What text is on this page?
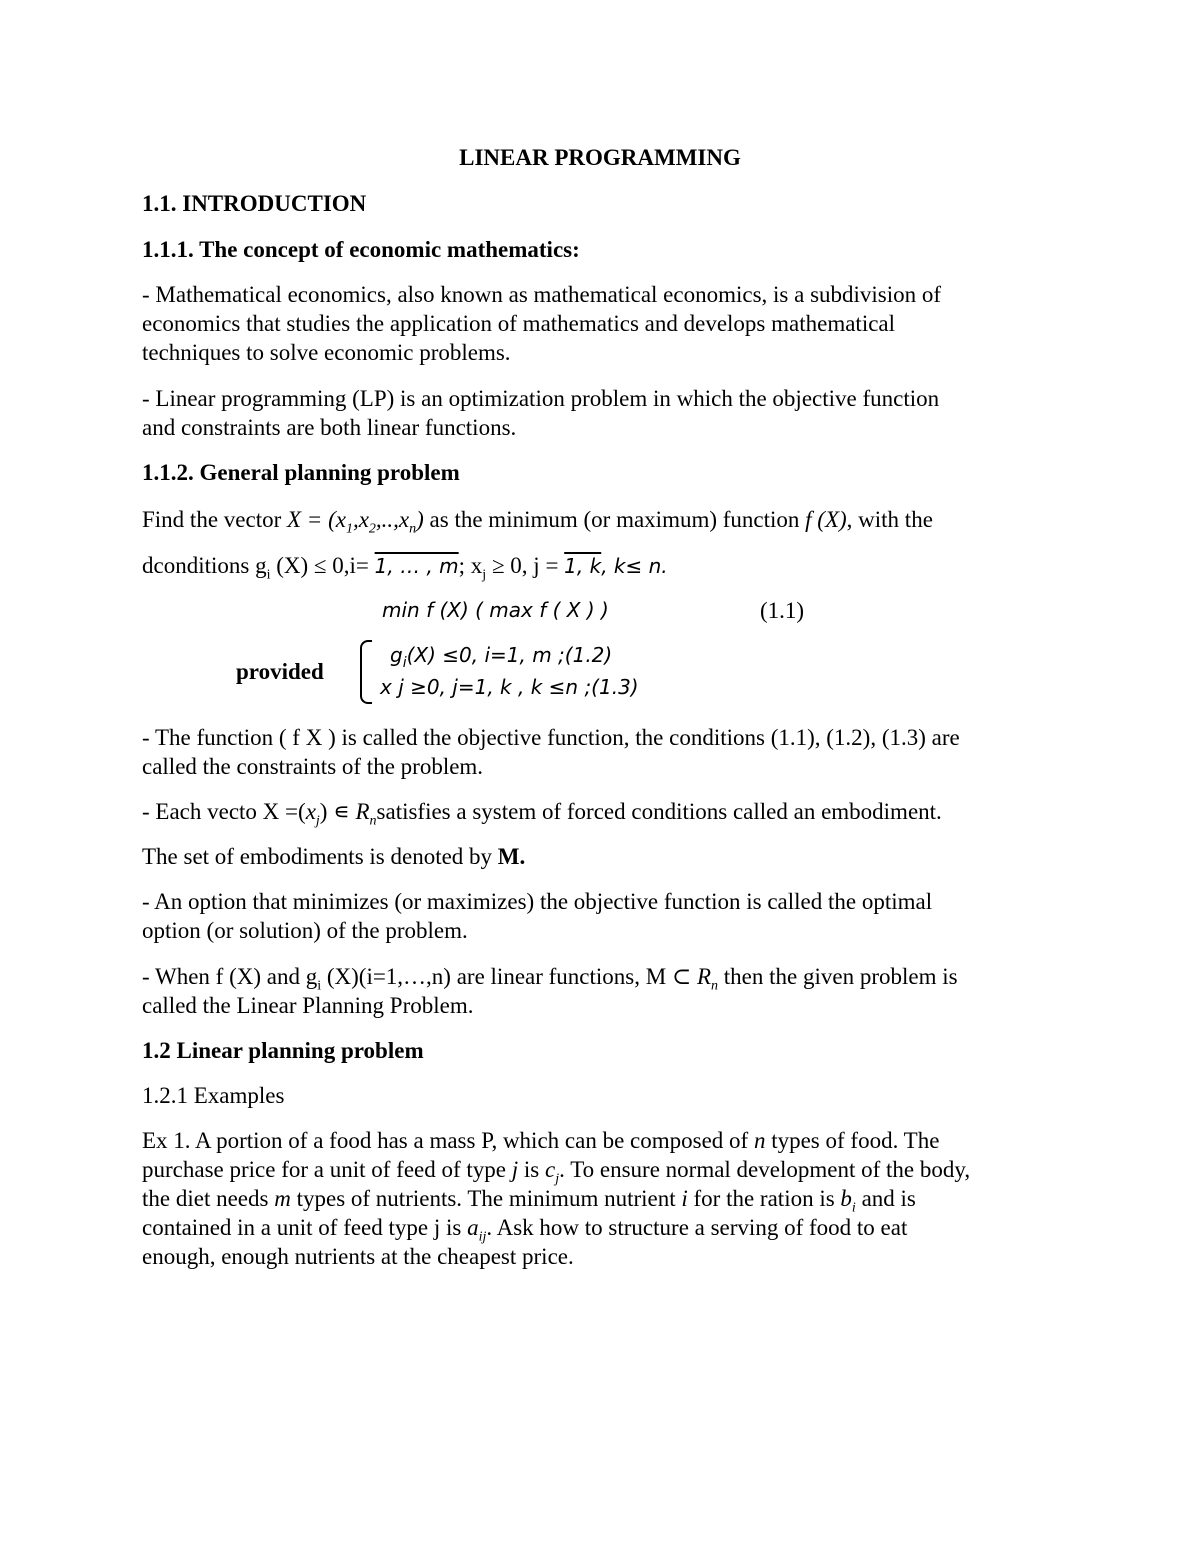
LINEAR PROGRAMMING
1.1. INTRODUCTION
1.1.1. The concept of economic mathematics:
- Mathematical economics, also known as mathematical economics, is a subdivision of
economics that studies the application of mathematics and develops mathematical
techniques to solve economic problems.
- Linear programming (LP) is an optimization problem in which the objective function
and constraints are both linear functions.
1.1.2. General planning problem
Find the vector $X = (x_1,x_2,..,x_n)$ as the minimum (or maximum) function f (X), with the
dconditions $g_i$ (X) ≤ 0,i= 1, … , m; $x_j \ge 0$, j = 1, k, k≤ n.
min f (X) ( max f ( X ) )	(1.1)
provided
$g_i(X) \le 0$, i=1, m ;(1.2)
x j ≥0, j=1, k , k ≤n ;(1.3)
- The function ( f X ) is called the objective function, the conditions (1.1), (1.2), (1.3) are
called the constraints of the problem.
- Each vecto $X =(x_j)$ ∊ $R_nsatisfies$ a system of forced conditions called an embodiment.
The set of embodiments is denoted by M.
- An option that minimizes (or maximizes) the objective function is called the optimal
option (or solution) of the problem.
- When f (X) and $g_i$ (X)(i=1,…,n) are linear functions, M ⊂ $R_n$ then the given problem is
called the Linear Planning Problem.
1.2 Linear planning problem
1.2.1 Examples
Ex 1. A portion of a food has a mass P, which can be composed of n types of food. The
purchase price for a unit of feed of type j is $c_j$. To ensure normal development of the body,
the diet needs m types of nutrients. The minimum nutrient i for the ration is $b_i$ and is
contained in a unit of feed type j is $a_{ij}$. Ask how to structure a serving of food to eat
enough, enough nutrients at the cheapest price.
